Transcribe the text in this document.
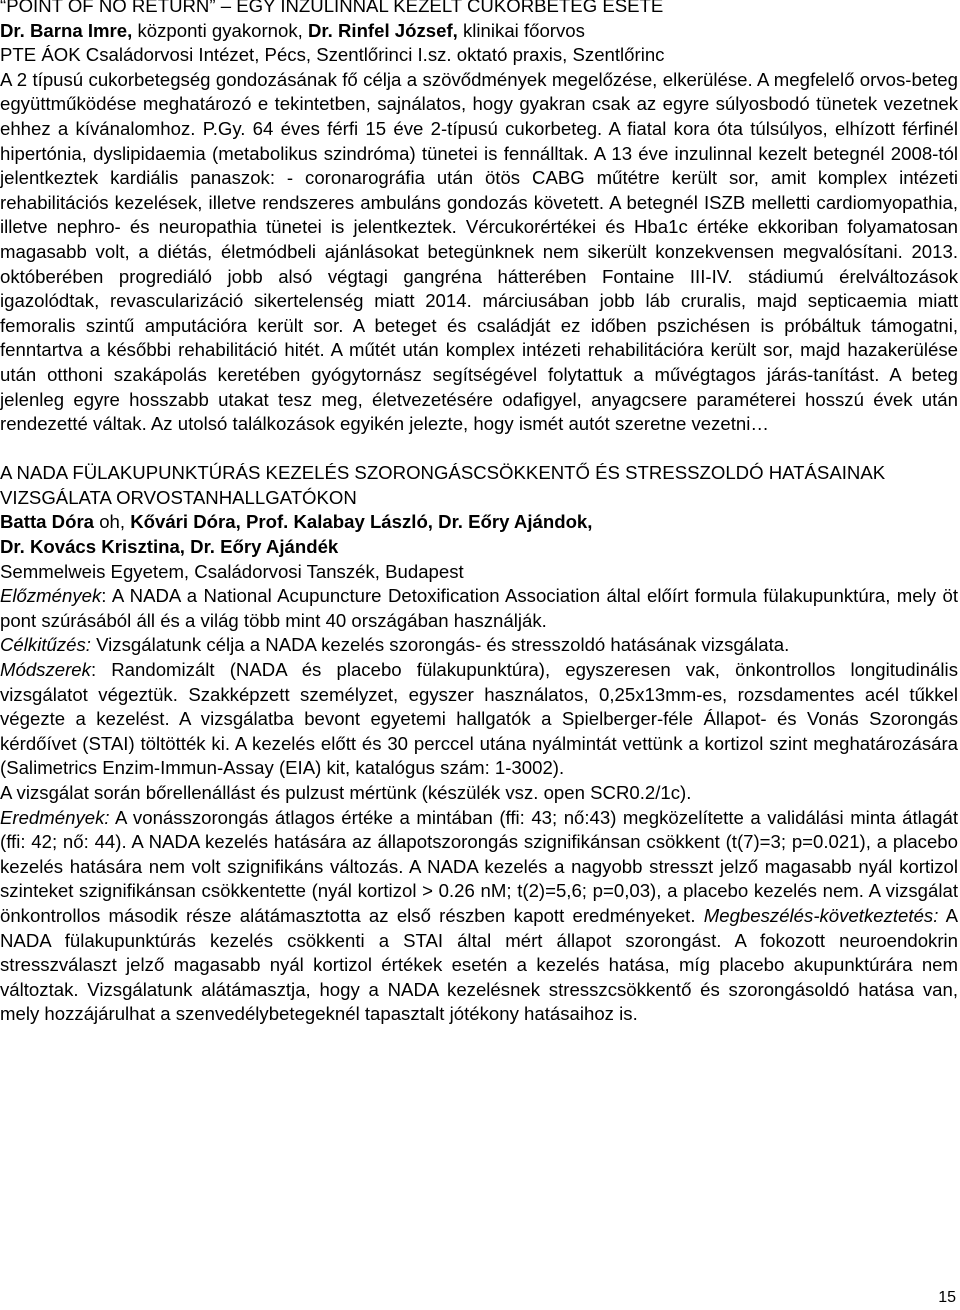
“POINT OF NO RETURN” – EGY INZULINNAL KEZELT CUKORBETEG ESETE

Dr. Barna Imre, központi gyakornok, Dr. Rinfel József, klinikai főorvos

PTE ÁOK Családorvosi Intézet, Pécs, Szentlőrinci I.sz. oktató praxis, Szentlőrinc

A 2 típusú cukorbetegség gondozásának fő célja a szövődmények megelőzése, elkerülése. A megfelelő orvos-beteg együttműködése meghatározó e tekintetben, sajnálatos, hogy gyakran csak az egyre súlyosbodó tünetek vezetnek ehhez a kívánalomhoz. P.Gy. 64 éves férfi 15 éve 2-típusú cukorbeteg. A fiatal kora óta túlsúlyos, elhízott férfinél hipertónia, dyslipidaemia (metabolikus szindróma) tünetei is fennálltak. A 13 éve inzulinnal kezelt betegnél 2008-tól jelentkeztek kardiális panaszok: - coronarográfia után ötös CABG műtétre került sor, amit komplex intézeti rehabilitációs kezelések, illetve rendszeres ambuláns gondozás követett. A betegnél ISZB melletti cardiomyopathia, illetve nephro- és neuropathia tünetei is jelentkeztek. Vércukorértékei és Hba1c értéke ekkoriban folyamatosan magasabb volt, a diétás, életmódbeli ajánlásokat betegünknek nem sikerült konzekvensen megvalósítani. 2013. októberében progrediáló jobb alsó végtagi gangréna hátterében Fontaine III-IV. stádiumú érelváltozások igazolódtak, revascularizáció sikertelenség miatt 2014. márciusában jobb láb cruralis, majd septicaemia miatt femoralis szintű amputációra került sor. A beteget és családját ez időben pszichésen is próbáltuk támogatni, fenntartva a későbbi rehabilitáció hitét. A műtét után komplex intézeti rehabilitációra került sor, majd hazakerülése után otthoni szakápolás keretében gyógytornász segítségével folytattuk a művégtagos járás-tanítást. A beteg jelenleg egyre hosszabb utakat tesz meg, életvezetésére odafigyel, anyagcsere paraméterei hosszú évek után rendezetté váltak. Az utolsó találkozások egyikén jelezte, hogy ismét autót szeretne vezetni…

A NADA FÜLAKUPUNKTÚRÁS KEZELÉS SZORONGÁSCSÖKKENTŐ ÉS STRESSZOLDÓ HATÁSAINAK VIZSGÁLATA ORVOSTANHALLGATÓKON

Batta Dóra oh, Kővári Dóra, Prof. Kalabay László, Dr. Eőry Ajándok,

Dr. Kovács Krisztina, Dr. Eőry Ajándék

Semmelweis Egyetem, Családorvosi Tanszék, Budapest

Előzmények: A NADA a National Acupuncture Detoxification Association által előírt formula fülakupunktúra, mely öt pont szúrásából áll és a világ több mint 40 országában használják.

Célkitűzés: Vizsgálatunk célja a NADA kezelés szorongás- és stresszoldó hatásának vizsgálata.

Módszerek: Randomizált (NADA és placebo fülakupunktúra), egyszeresen vak, önkontrollos longitudinális vizsgálatot végeztük. Szakképzett személyzet, egyszer használatos, 0,25x13mm-es, rozsdamentes acél tűkkel végezte a kezelést. A vizsgálatba bevont egyetemi hallgatók a Spielberger-féle Állapot- és Vonás Szorongás kérdőívet (STAI) töltötték ki. A kezelés előtt és 30 perccel utána nyálmintát vettünk a kortizol szint meghatározására (Salimetrics Enzim-Immun-Assay (EIA) kit, katalógus szám: 1-3002).

A vizsgálat során bőrellenállást és pulzust mértünk (készülék vsz. open SCR0.2/1c).

Eredmények: A vonásszorongás átlagos értéke a mintában (ffi: 43; nő:43) megközelítette a validálási minta átlagát (ffi: 42; nő: 44). A NADA kezelés hatására az állapotszorongás szignifikánsan csökkent (t(7)=3; p=0.021), a placebo kezelés hatására nem volt szignifikáns változás. A NADA kezelés a nagyobb stresszt jelző magasabb nyál kortizol szinteket szignifikánsan csökkentette (nyál kortizol > 0.26 nM; t(2)=5,6; p=0,03), a placebo kezelés nem. A vizsgálat önkontrollos második része alátámasztotta az első részben kapott eredményeket. Megbeszélés-következtetés: A NADA fülakupunktúrás kezelés csökkenti a STAI által mért állapot szorongást. A fokozott neuroendokrin stresszválaszt jelző magasabb nyál kortizol értékek esetén a kezelés hatása, míg placebo akupunktúrára nem változtak. Vizsgálatunk alátámasztja, hogy a NADA kezelésnek stresszcsökkentő és szorongásoldó hatása van, mely hozzájárulhat a szenvedélybetegeknél tapasztalt jótékony hatásaihoz is.

15
